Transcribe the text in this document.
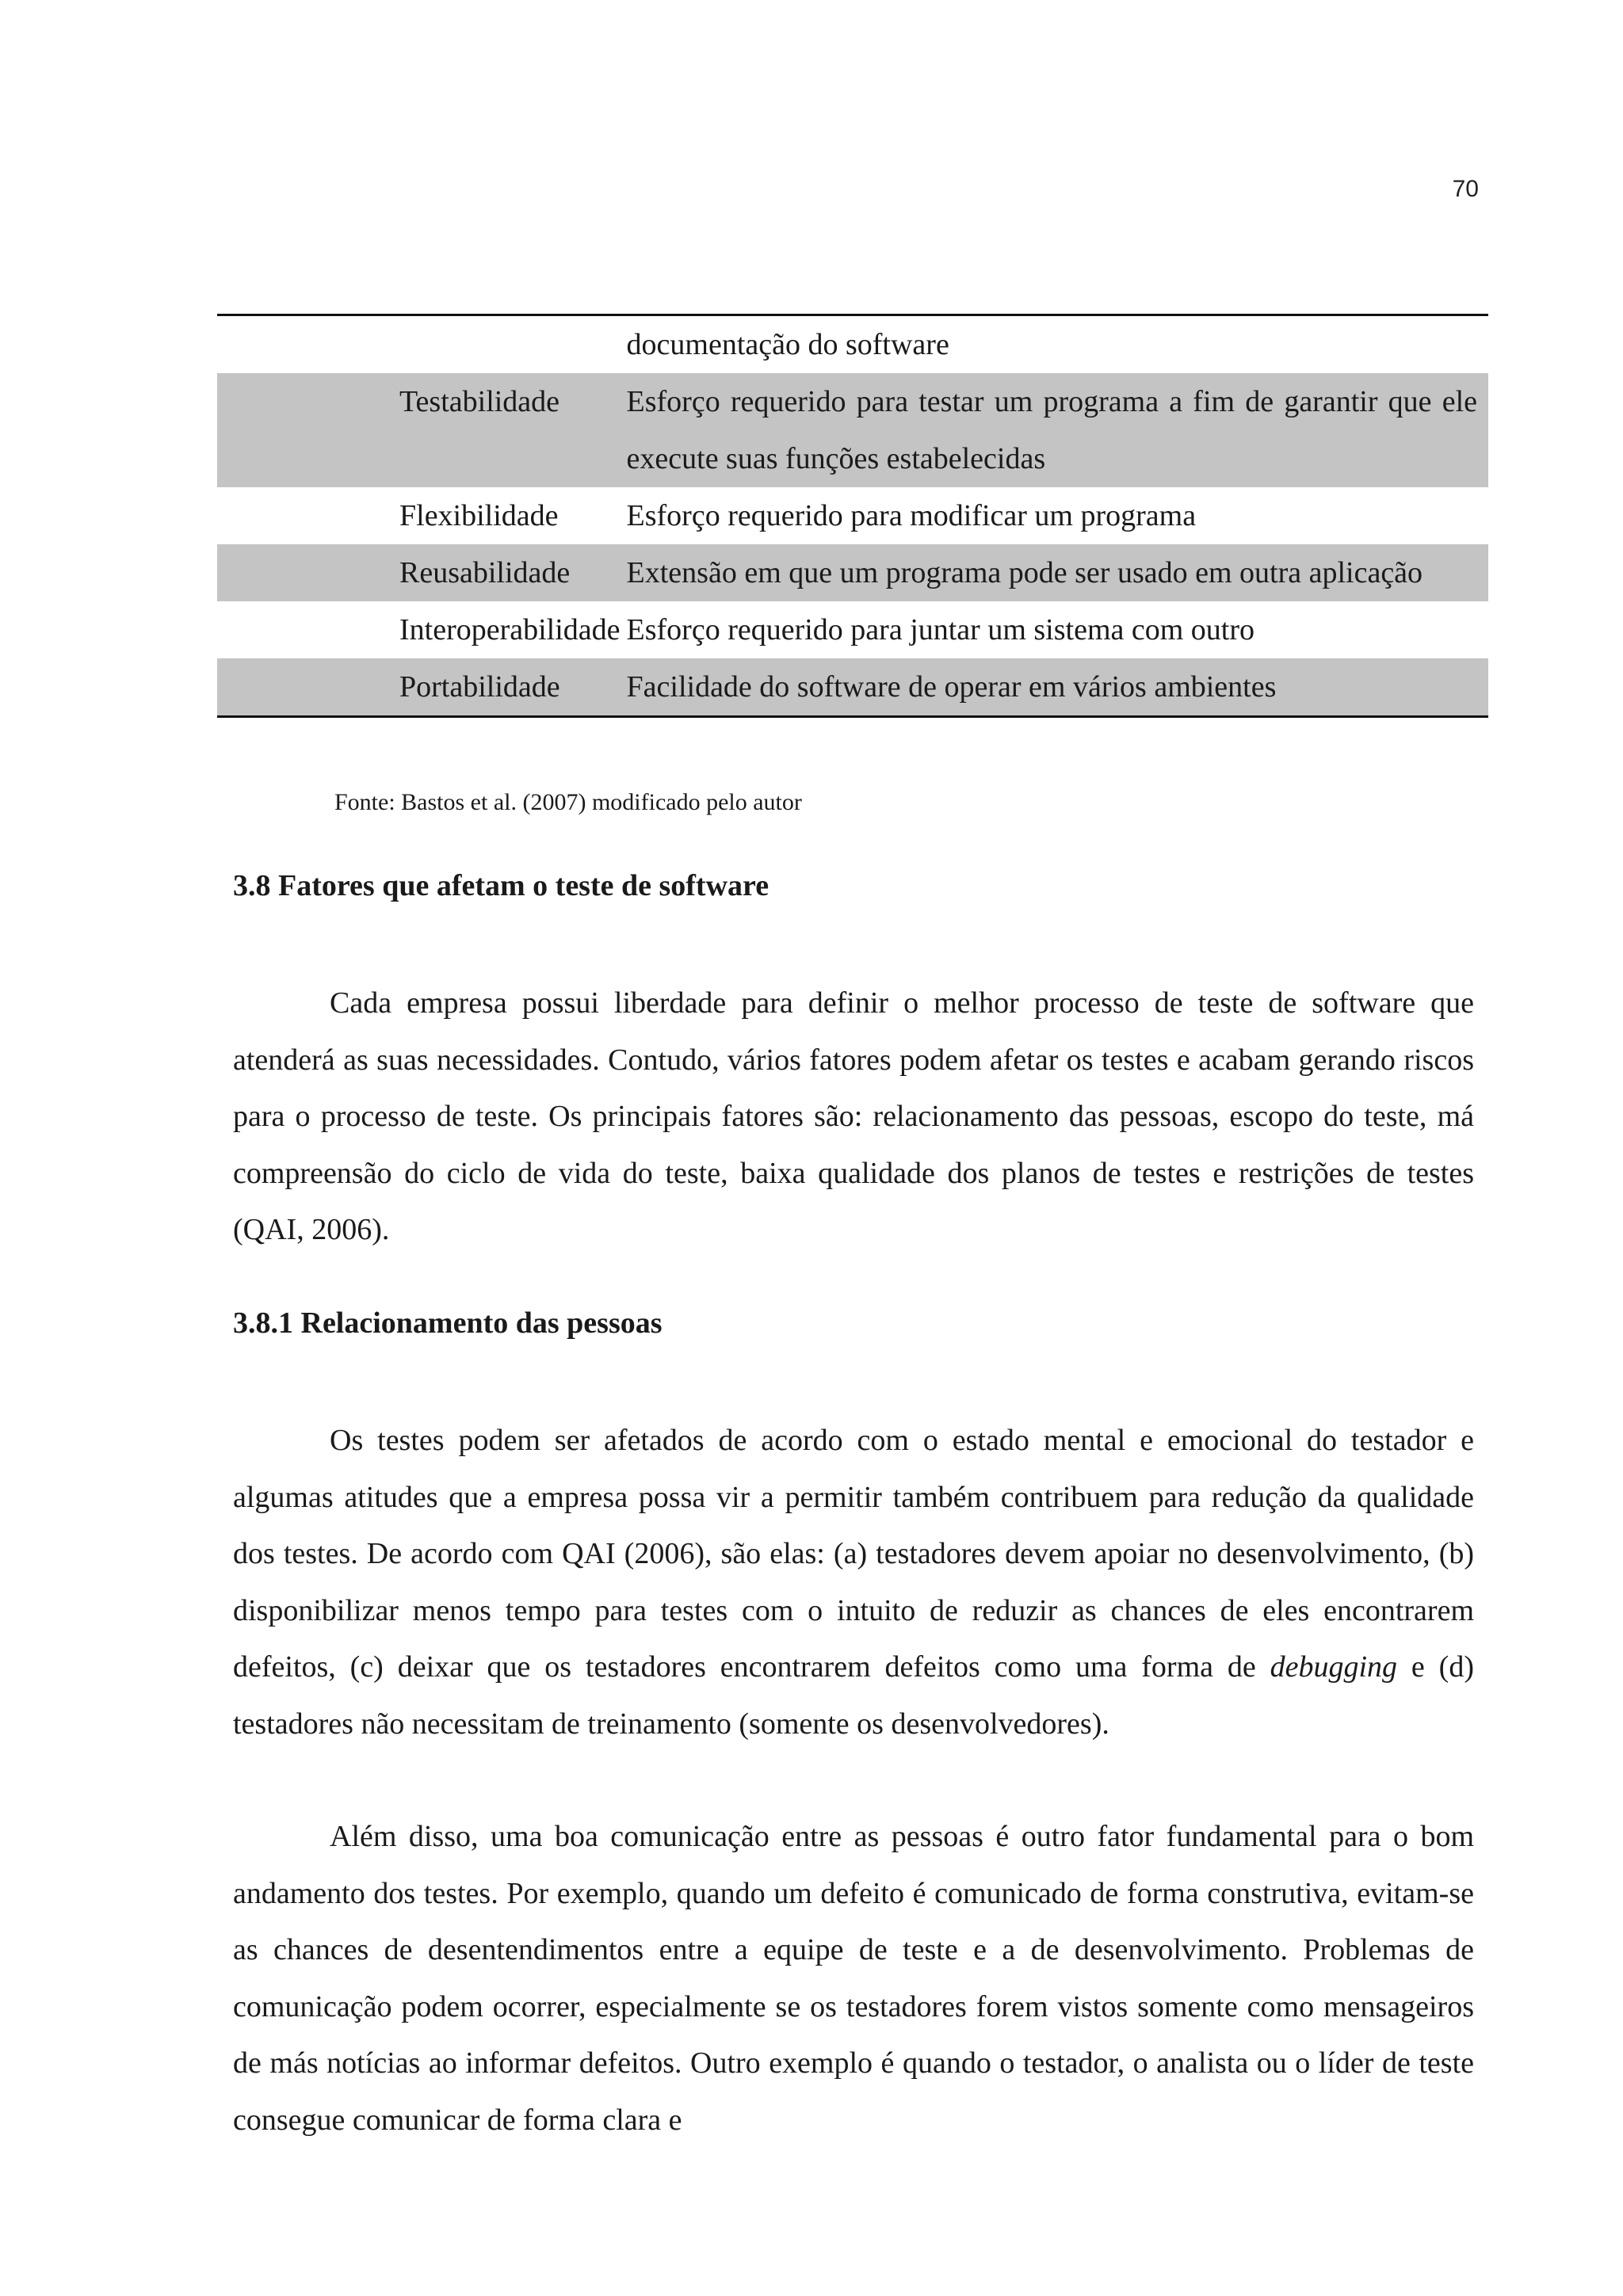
70
	documentação do software
Testabilidade	Esforço requerido para testar um programa a fim de garantir que ele execute suas funções estabelecidas
Flexibilidade	Esforço requerido para modificar um programa
Reusabilidade	Extensão em que um programa pode ser usado em outra aplicação
Interoperabilidade	Esforço requerido para juntar um sistema com outro
Portabilidade	Facilidade do software de operar em vários ambientes
Fonte: Bastos et al. (2007) modificado pelo autor
3.8 Fatores que afetam o teste de software

Cada empresa possui liberdade para definir o melhor processo de teste de software que atenderá as suas necessidades. Contudo, vários fatores podem afetar os testes e acabam gerando riscos para o processo de teste. Os principais fatores são: relacionamento das pessoas, escopo do teste, má compreensão do ciclo de vida do teste, baixa qualidade dos planos de testes e restrições de testes (QAI, 2006).

3.8.1 Relacionamento das pessoas

Os testes podem ser afetados de acordo com o estado mental e emocional do testador e algumas atitudes que a empresa possa vir a permitir também contribuem para redução da qualidade dos testes. De acordo com QAI (2006), são elas: (a) testadores devem apoiar no desenvolvimento, (b) disponibilizar menos tempo para testes com o intuito de reduzir as chances de eles encontrarem defeitos, (c) deixar que os testadores encontrarem defeitos como uma forma de debugging e (d) testadores não necessitam de treinamento (somente os desenvolvedores).

Além disso, uma boa comunicação entre as pessoas é outro fator fundamental para o bom andamento dos testes. Por exemplo, quando um defeito é comunicado de forma construtiva, evitam-se as chances de desentendimentos entre a equipe de teste e a de desenvolvimento. Problemas de comunicação podem ocorrer, especialmente se os testadores forem vistos somente como mensageiros de más notícias ao informar defeitos. Outro exemplo é quando o testador, o analista ou o líder de teste consegue comunicar de forma clara e
